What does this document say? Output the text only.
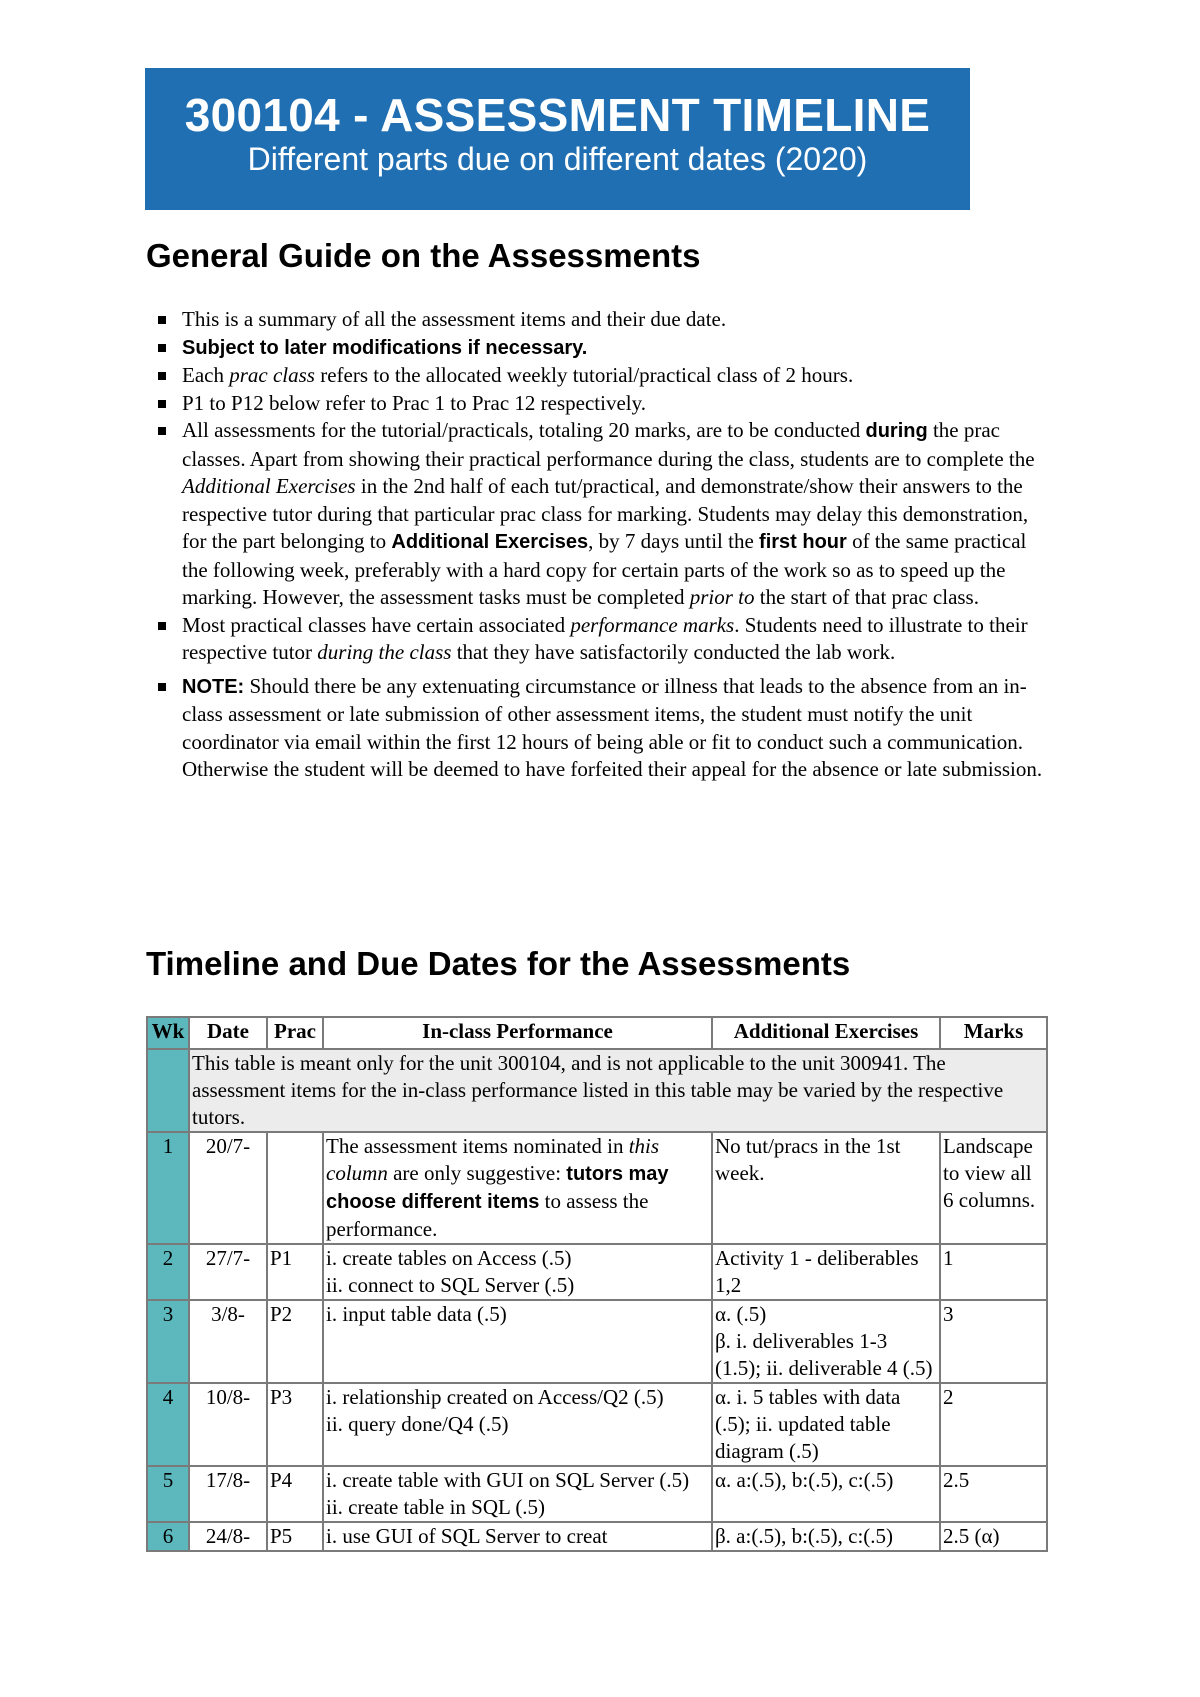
300104 - ASSESSMENT TIMELINE
Different parts due on different dates (2020)
General Guide on the Assessments
This is a summary of all the assessment items and their due date.
Subject to later modifications if necessary.
Each prac class refers to the allocated weekly tutorial/practical class of 2 hours.
P1 to P12 below refer to Prac 1 to Prac 12 respectively.
All assessments for the tutorial/practicals, totaling 20 marks, are to be conducted during the prac classes. Apart from showing their practical performance during the class, students are to complete the Additional Exercises in the 2nd half of each tut/practical, and demonstrate/show their answers to the respective tutor during that particular prac class for marking. Students may delay this demonstration, for the part belonging to Additional Exercises, by 7 days until the first hour of the same practical the following week, preferably with a hard copy for certain parts of the work so as to speed up the marking. However, the assessment tasks must be completed prior to the start of that prac class.
Most practical classes have certain associated performance marks. Students need to illustrate to their respective tutor during the class that they have satisfactorily conducted the lab work.
NOTE: Should there be any extenuating circumstance or illness that leads to the absence from an in-class assessment or late submission of other assessment items, the student must notify the unit coordinator via email within the first 12 hours of being able or fit to conduct such a communication. Otherwise the student will be deemed to have forfeited their appeal for the absence or late submission.
Timeline and Due Dates for the Assessments
Wk	Date	Prac	In-class Performance	Additional Exercises	Marks
	This table is meant only for the unit 300104, and is not applicable to the unit 300941. The assessment items for the in-class performance listed in this table may be varied by the respective tutors.				
1	20/7-		The assessment items nominated in this column are only suggestive: tutors may choose different items to assess the performance.	No tut/pracs in the 1st week.	Landscape to view all 6 columns.
2	27/7-	P1	i. create tables on Access (.5)
ii. connect to SQL Server (.5)	Activity 1 - deliberables 1,2	1
3	3/8-	P2	i. input table data (.5)	α. (.5)
β. i. deliverables 1-3 (1.5); ii. deliverable 4 (.5)	3
4	10/8-	P3	i. relationship created on Access/Q2 (.5)
ii. query done/Q4 (.5)	α. i. 5 tables with data (.5); ii. updated table diagram (.5)	2
5	17/8-	P4	i. create table with GUI on SQL Server (.5)
ii. create table in SQL (.5)	α. a:(.5), b:(.5), c:(.5)	2.5
6	24/8-	P5	i. use GUI of SQL Server to creat	β. a:(.5), b:(.5), c:(.5)	2.5 (α)
